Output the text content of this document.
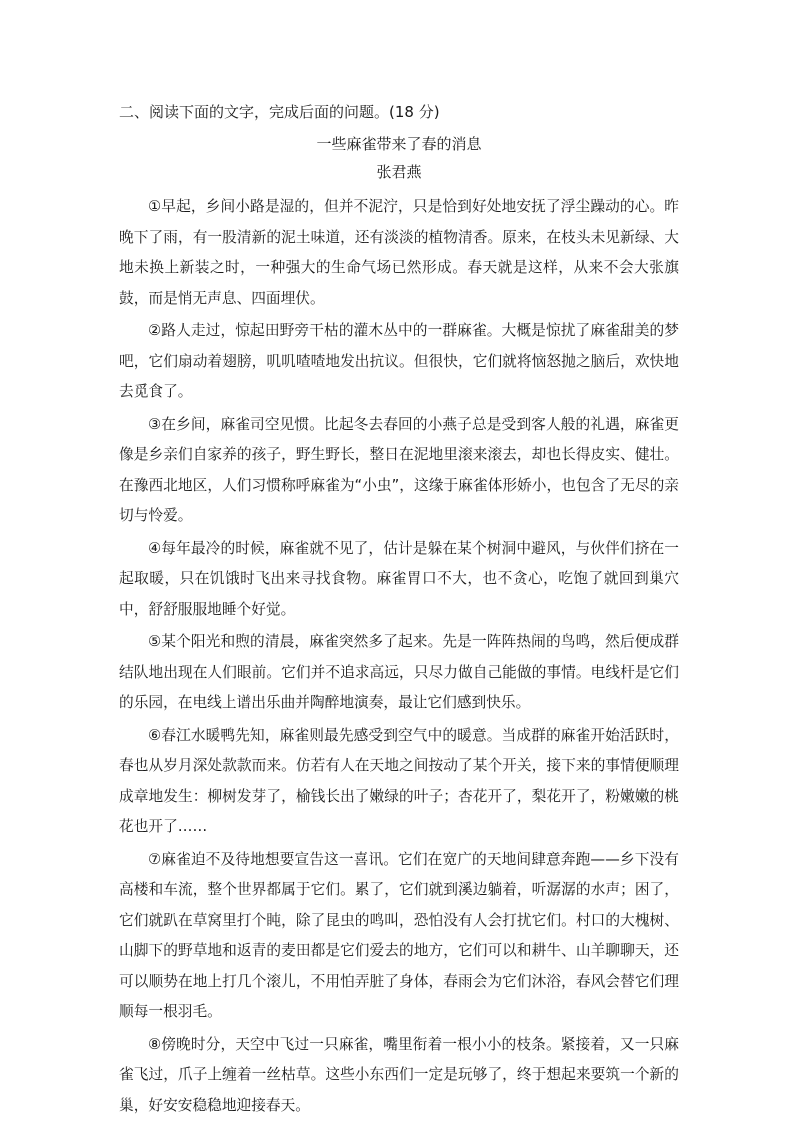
二、阅读下面的文字，完成后面的问题。(18 分)

一些麻雀带来了春的消息

张君燕

①早起，乡间小路是湿的，但并不泥泞，只是恰到好处地安抚了浮尘躁动的心。昨晚下了雨，有一股清新的泥土味道，还有淡淡的植物清香。原来，在枝头未见新绿、大地未换上新装之时，一种强大的生命气场已然形成。春天就是这样，从来不会大张旗鼓，而是悄无声息、四面埋伏。

②路人走过，惊起田野旁干枯的灌木丛中的一群麻雀。大概是惊扰了麻雀甜美的梦吧，它们扇动着翅膀，叽叽喳喳地发出抗议。但很快，它们就将恼怒抛之脑后，欢快地去觅食了。

③在乡间，麻雀司空见惯。比起冬去春回的小燕子总是受到客人般的礼遇，麻雀更像是乡亲们自家养的孩子，野生野长，整日在泥地里滚来滚去，却也长得皮实、健壮。在豫西北地区，人们习惯称呼麻雀为“小虫”，这缘于麻雀体形娇小，也包含了无尽的亲切与怜爱。

④每年最冷的时候，麻雀就不见了，估计是躲在某个树洞中避风，与伙伴们挤在一起取暖，只在饥饿时飞出来寻找食物。麻雀胃口不大，也不贪心，吃饱了就回到巢穴中，舒舒服服地睡个好觉。

⑤某个阳光和煦的清晨，麻雀突然多了起来。先是一阵阵热闹的鸟鸣，然后便成群结队地出现在人们眼前。它们并不追求高远，只尽力做自己能做的事情。电线杆是它们的乐园，在电线上谱出乐曲并陶醉地演奏，最让它们感到快乐。

⑥春江水暖鸭先知，麻雀则最先感受到空气中的暖意。当成群的麻雀开始活跃时，春也从岁月深处款款而来。仿若有人在天地之间按动了某个开关，接下来的事情便顺理成章地发生：柳树发芽了，榆钱长出了嫩绿的叶子；杏花开了，梨花开了，粉嫩嫩的桃花也开了……

⑦麻雀迫不及待地想要宣告这一喜讯。它们在宽广的天地间肆意奔跑——乡下没有高楼和车流，整个世界都属于它们。累了，它们就到溪边躺着，听潺潺的水声；困了，它们就趴在草窝里打个盹，除了昆虫的鸣叫，恐怕没有人会打扰它们。村口的大槐树、山脚下的野草地和返青的麦田都是它们爱去的地方，它们可以和耕牛、山羊聊聊天，还可以顺势在地上打几个滚儿，不用怕弄脏了身体，春雨会为它们沐浴，春风会替它们理顺每一根羽毛。

⑧傍晚时分，天空中飞过一只麻雀，嘴里衔着一根小小的枝条。紧接着，又一只麻雀飞过，爪子上缠着一丝枯草。这些小东西们一定是玩够了，终于想起来要筑一个新的巢，好安安稳稳地迎接春天。
